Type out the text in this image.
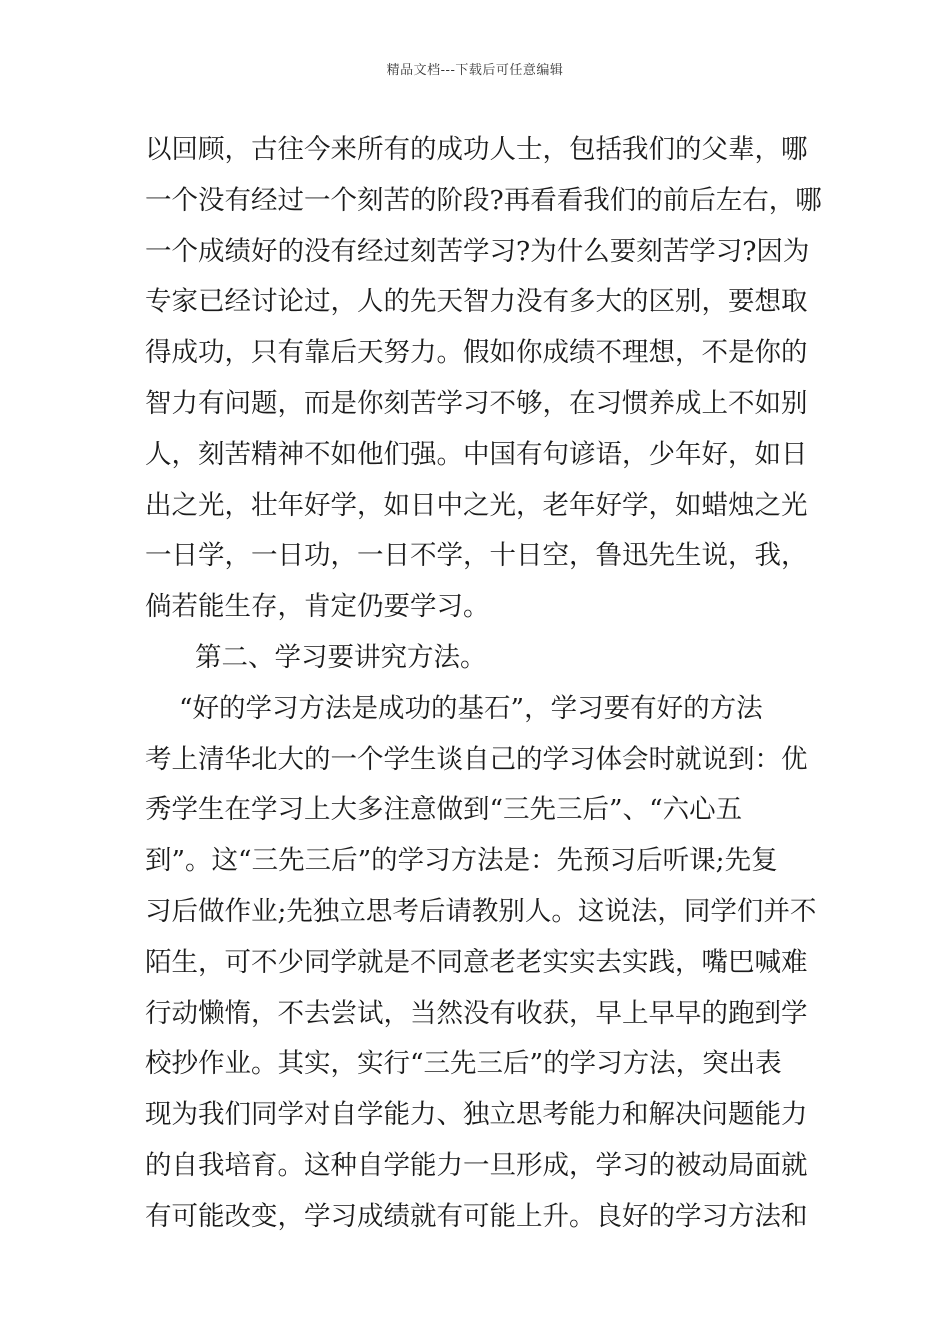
精品文档---下载后可任意编辑
以回顾，古往今来所有的成功人士，包括我们的父辈，哪
一个没有经过一个刻苦的阶段?再看看我们的前后左右，哪
一个成绩好的没有经过刻苦学习?为什么要刻苦学习?因为
专家已经讨论过，人的先天智力没有多大的区别，要想取
得成功，只有靠后天努力。假如你成绩不理想，不是你的
智力有问题，而是你刻苦学习不够，在习惯养成上不如别
人，刻苦精神不如他们强。中国有句谚语，少年好，如日
出之光，壮年好学，如日中之光，老年好学，如蜡烛之光
一日学，一日功，一日不学，十日空，鲁迅先生说，我，
倘若能生存，肯定仍要学习。
第二、学习要讲究方法。
“好的学习方法是成功的基石”，学习要有好的方法
考上清华北大的一个学生谈自己的学习体会时就说到：优
秀学生在学习上大多注意做到“三先三后”、“六心五
到”。这“三先三后”的学习方法是：先预习后听课;先复
习后做作业;先独立思考后请教别人。这说法，同学们并不
陌生，可不少同学就是不同意老老实实去实践，嘴巴喊难
行动懒惰，不去尝试，当然没有收获，早上早早的跑到学
校抄作业。其实，实行“三先三后”的学习方法，突出表
现为我们同学对自学能力、独立思考能力和解决问题能力
的自我培育。这种自学能力一旦形成，学习的被动局面就
有可能改变，学习成绩就有可能上升。良好的学习方法和
